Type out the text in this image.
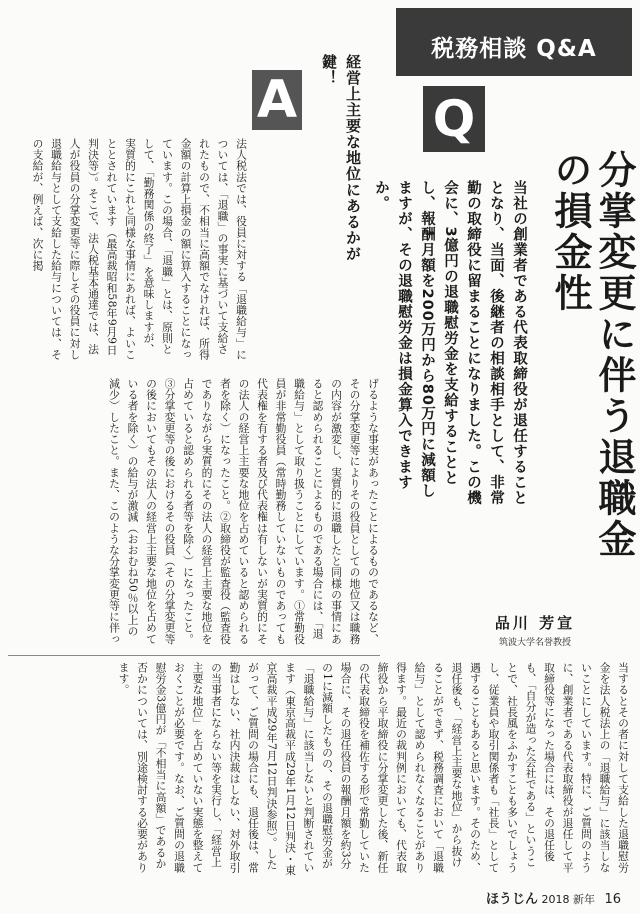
税務相談 Q&A
Q
分掌変更に伴う退職金の損金性
当社の創業者である代表取締役が退任することとなり、当面、後継者の相談相手として、非常勤の取締役に留まることになりました。この機会に、3億円の退職慰労金を支給することとし、報酬月額を200万円から80万円に減額しますが、その退職慰労金は損金算入できますか。
品川 芳宣
筑波大学名誉教授
A	経営上主要な地位にあるかが鍵！
法人税法では、役員に対する「退職給与」については、「退職」の事実に基づいて支給されたもので、不相当に高額でなければ、所得金額の計算上損金の額に算入することになっています。この場合、「退職」とは、原則として、「勤務関係の終了」を意味しますが、実質的にこれと同様な事情にあれば、よいこととされています（最高裁昭和58年9月9日判決等）。そこで、法人税基本通達では、法人が役員の分掌変更等に際しその役員に対し退職給与として支給した給与については、その支給が、例えば、次に掲
げるような事実があったことによるものであるなど、その分掌変更等によりその役員としての地位又は職務の内容が激変し、実質的に退職したと同様の事情にあると認められることによるものである場合には、「退職給与」として取り扱うことにしています。①常勤役員が非常勤役員（常時勤務していないものであっても代表権を有する者及び代表権は有しないが実質的にその法人の経営上主要な地位を占めていると認められる者を除く）になったこと。②取締役が監査役（監査役でありながら実質的にその法人の経営上主要な地位を占めていると認められる者等を除く）になったこと。③分掌変更等の後におけるその役員（その分掌変更等の後においてもその法人の経営上主要な地位を占めている者を除く）の給与が激減（おおむね50％以上の減少）したこと。また、このような分掌変更等に伴っ
当するとその者に対して支給した退職慰労金を法人税法上の「退職給与」に該当しないことにしています。特に、ご質問のように、創業者である代表取締役が退任して平取締役等になった場合には、その退任後も、「自分が造った会社である」ということで、社長風をふかすことも多いでしょうし、従業員や取引関係者も「社長」として遇することもあると思います。そのため、退任後も、「経営上主要な地位」から抜けることができず、税務調査において「退職給与」として認められなくなることがあり得ます。最近の裁判例においても、代表取締役から平取締役に分掌変更した後、新任の代表取締役を補佐する形で常勤していた場合に、その退任役員の報酬月額を約3分の1に減額したものの、その退職慰労金が「退職給与」に該当しないと判断されています（東京高裁平成29年1月12日判決・東京高裁平成29年7月12日判決参照）。したがって、ご質問の場合にも、退任後は、常勤はしない、社内決裁はしない、対外取引の当事者にならない等を実行し、「経営上主要な地位」を占めていない実態を整えておくことが必要です。なお、ご質問の退職慰労金3億円が「不相当に高額」であるか否かについては、別途検討する必要があります。
ほうじん 2018 新年 16
